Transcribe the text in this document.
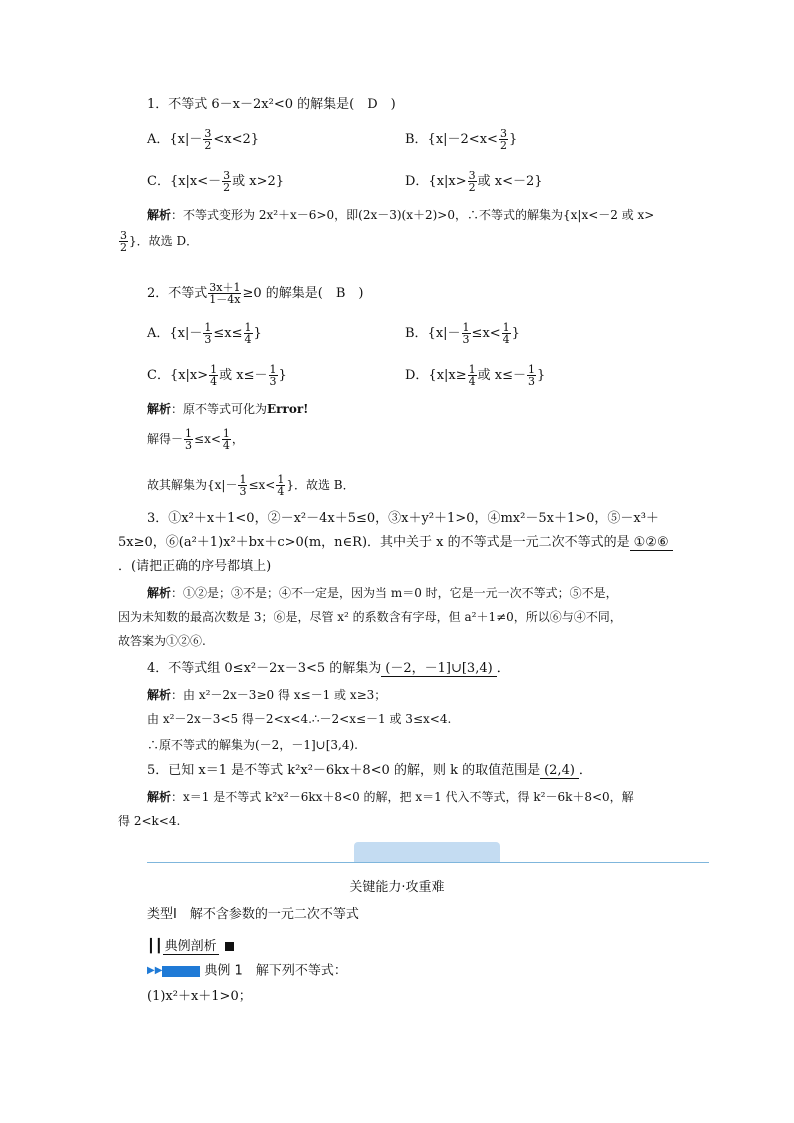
1．不等式 6－x－2x²<0 的解集是(　D　)
A．$\{x|- \frac{3}{2} <x<2\}$	B．{$x|-2<x< \frac{3}{2}$ }
C．{$x|x<- \frac{3}{2}$ 或 x>2}	D．{$x|x> \frac{3}{2}$ 或 x<－2}
解析：不等式变形为 2x²＋x－6>0，即(2x－3)(x＋2)>0，∴不等式的解集为{x|x<－2 或 x>
$\frac{3}{2}$ }．故选 D．
2．不等式 $\frac{3x+1}{1-4x} \ge 0$ 的解集是(　B　)
A．{$x|- \frac{1}{3} \le x\le \frac{1}{4}$ }	B．{$x|- \frac{1}{3} \le x< \frac{1}{4}$ }
C．{$x|x> \frac{1}{4}$ 或 $x\le- \frac{1}{3}$ }	D．{$x|x\ge \frac{1}{4}$ 或 $x\le- \frac{1}{3}$ }
解析：原不等式可化为Error!
解得－ $\frac{1}{3} \le x< \frac{1}{4}$ ，
故其解集为{$x|- \frac{1}{3} \le x< \frac{1}{4}$ }．故选 B．
3．①x²＋x＋1<0，②－x²－4x＋5≤0，③x＋y²＋1>0，④mx²－5x＋1>0，⑤－x³＋
5x≥0，⑥(a²＋1)x²＋bx＋c>0(m，n∈R)．其中关于 x 的不等式是一元二次不等式的是 ①②⑥
．(请把正确的序号都填上)
解析：①②是；③不是；④不一定是，因为当 m＝0 时，它是一元一次不等式；⑤不是，
因为未知数的最高次数是 3；⑥是，尽管 x² 的系数含有字母，但 a²＋1≠0，所以⑥与④不同，
故答案为①②⑥.
4．不等式组 0≤x²－2x－3<5 的解集为 (－2，－1]∪[3,4) ．
解析：由 x²－2x－3≥0 得 x≤－1 或 x≥3；
由 x²－2x－3<5 得－2<x<4.∴－2<x≤－1 或 3≤x<4.
∴原不等式的解集为(－2，－1]∪[3,4).
5．已知 x＝1 是不等式 k²x²－6kx＋8<0 的解，则 k 的取值范围是 (2,4) ．
解析：x＝1 是不等式 k²x²－6kx＋8<0 的解，把 x＝1 代入不等式，得 k²－6k＋8<0，解
得 2<k<4.
关键能力·攻重难
类型Ⅰ　解不含参数的一元二次不等式
┃┃ 典例剖析
▶▶	典例 1　 解下列不等式：
(1)x²＋x＋1>0；
